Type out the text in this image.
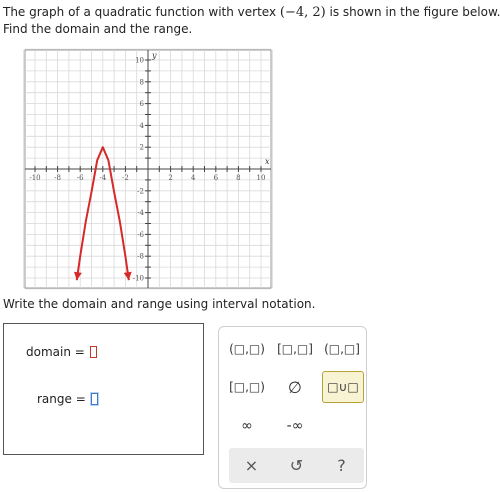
The graph of a quadratic function with vertex (−4, 2) is shown in the figure below.
Find the domain and the range.
x
y
-10 -8 -6 -4 -2	2	4	6	8 10
10
8
6
4
2
-2
-4
-6
-8
-10
Write the domain and range using interval notation.
domain =
range =
(□,□) [□,□] (□,□]
[□,□)	∅	□∪□
∞	-∞
×	↺	?
